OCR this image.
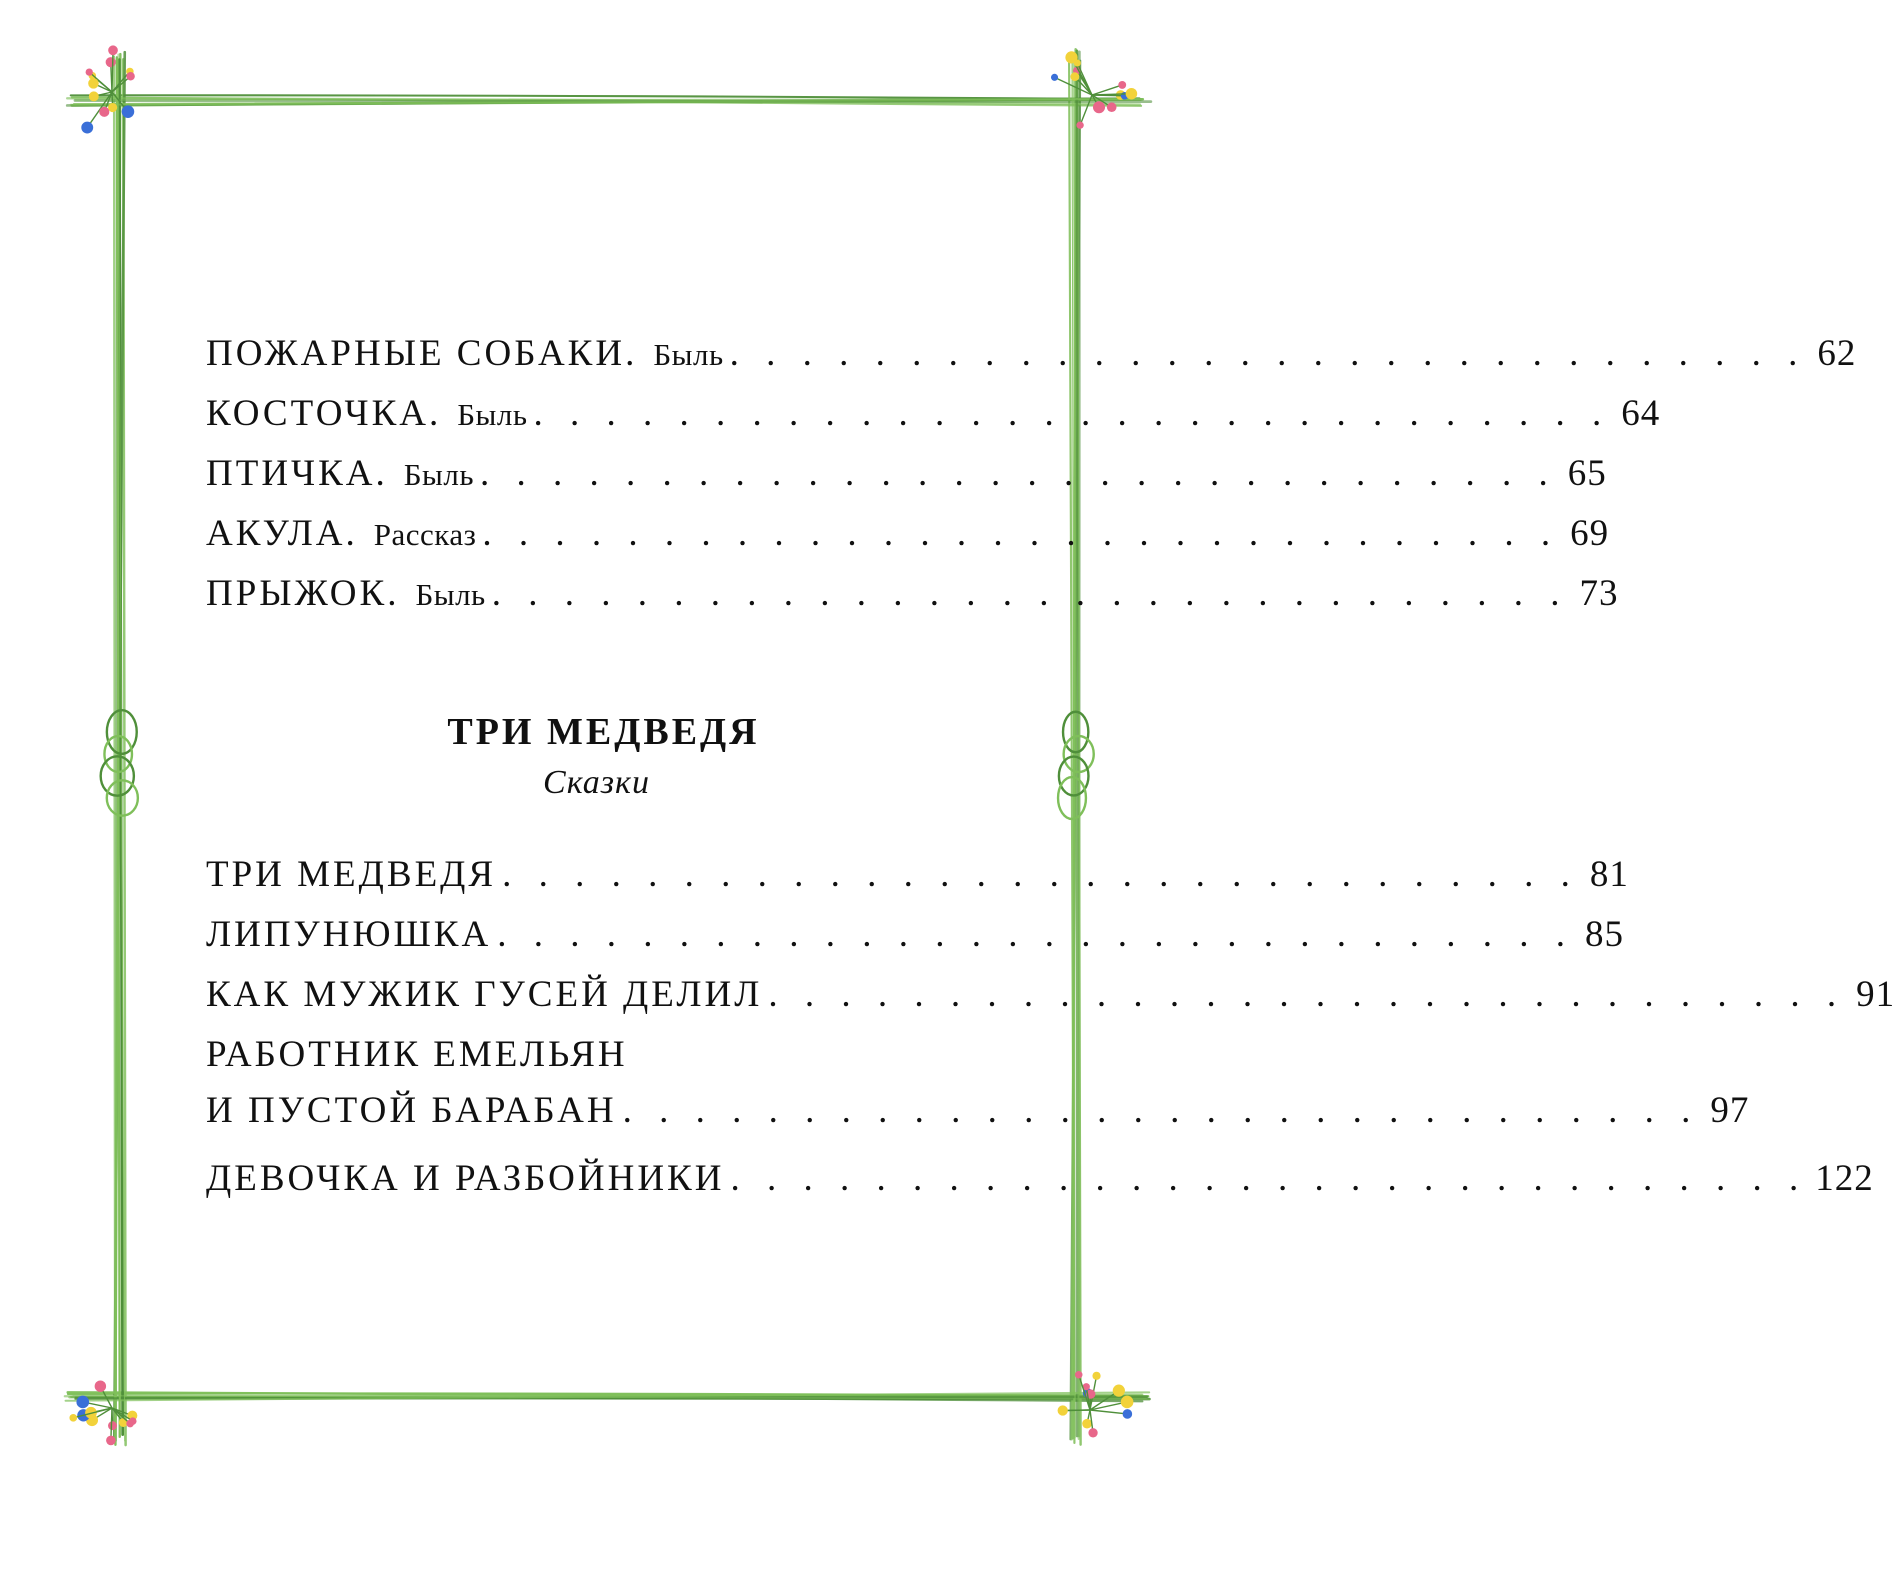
ПОЖАРНЫЕ СОБАКИ. Быль . . . . . . . . . . . . . . . . . . . . . . . . . . . . . . 62
КОСТОЧКА. Быль . . . . . . . . . . . . . . . . . . . . . . . . . . . . . . 64
ПТИЧКА. Быль . . . . . . . . . . . . . . . . . . . . . . . . . . . . . . 65
АКУЛА. Рассказ . . . . . . . . . . . . . . . . . . . . . . . . . . . . . . 69
ПРЫЖОК. Быль . . . . . . . . . . . . . . . . . . . . . . . . . . . . . . 73
ТРИ МЕДВЕДЯ
Сказки
ТРИ МЕДВЕДЯ . . . . . . . . . . . . . . . . . . . . . . . . . . . . . . 81
ЛИПУНЮШКА . . . . . . . . . . . . . . . . . . . . . . . . . . . . . . 85
КАК МУЖИК ГУСЕЙ ДЕЛИЛ . . . . . . . . . . . . . . . . . . . . . . . . . . . . . . 91
РАБОТНИК ЕМЕЛЬЯН
И ПУСТОЙ БАРАБАН . . . . . . . . . . . . . . . . . . . . . . . . . . . . . . 97
ДЕВОЧКА И РАЗБОЙНИКИ . . . . . . . . . . . . . . . . . . . . . . . . . . . . . . 122
